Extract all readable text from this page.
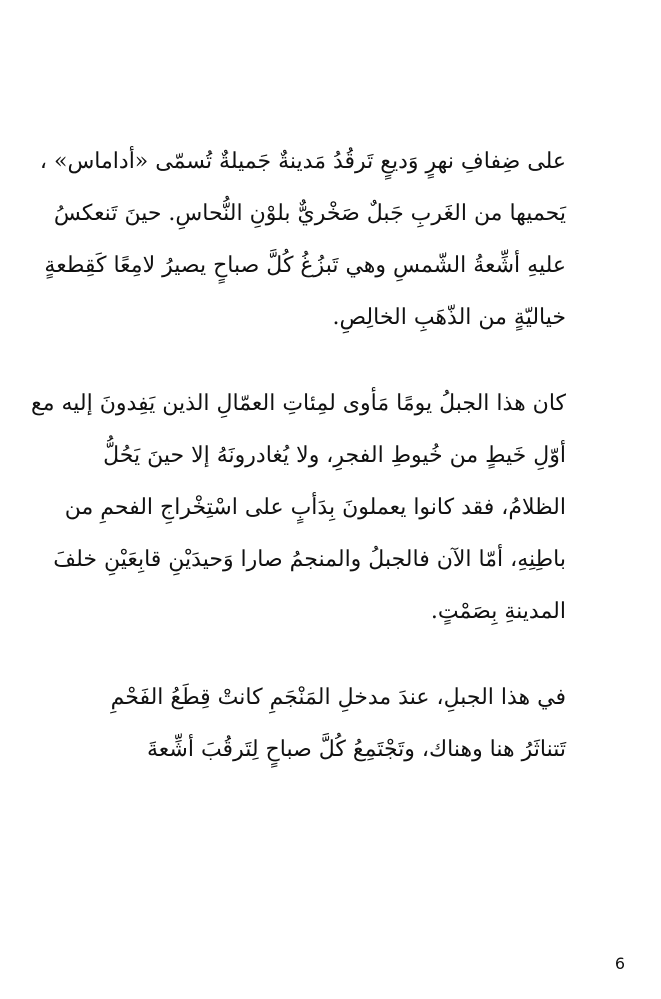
على ضِفافِ نهرٍ وَديعٍ تَرقُدُ مَدينةٌ جَميلةٌ تُسمّى «أداماس» ،
يَحميها من الغَربِ جَبلٌ صَخْريٌّ بلوْنِ النُّحاسِ. حينَ تَنعكسُ
عليهِ أشِّعةُ الشّمسِ وهي تَبزُغُ كُلَّ صباحٍ يصيرُ لامِعًا كَقِطعةٍ
خياليّةٍ من الذّهَبِ الخالِصِ.
كان هذا الجبلُ يومًا مَأوى لمِئاتِ العمّالِ الذين يَفِدونَ إليه مع
أوّلِ خَيطٍ من خُيوطِ الفجرِ، ولا يُغادرونَهُ إلا حينَ يَحُلُّ
الظلامُ، فقد كانوا يعملونَ بِدَأبٍ على اسْتِخْراجِ الفحمِ من
باطِنِهِ، أمّا الآن فالجبلُ والمنجمُ صارا وَحيدَيْنِ قابِعَيْنِ خلفَ
المدينةِ بِصَمْتٍ.
في هذا الجبلِ، عندَ مدخلِ المَنْجَمِ كانتْ قِطَعُ الفَحْمِ
تَتناثَرُ هنا وهناك، وتَجْتَمِعُ كُلَّ صباحٍ لِتَرقُبَ أشِّعةَ
6
